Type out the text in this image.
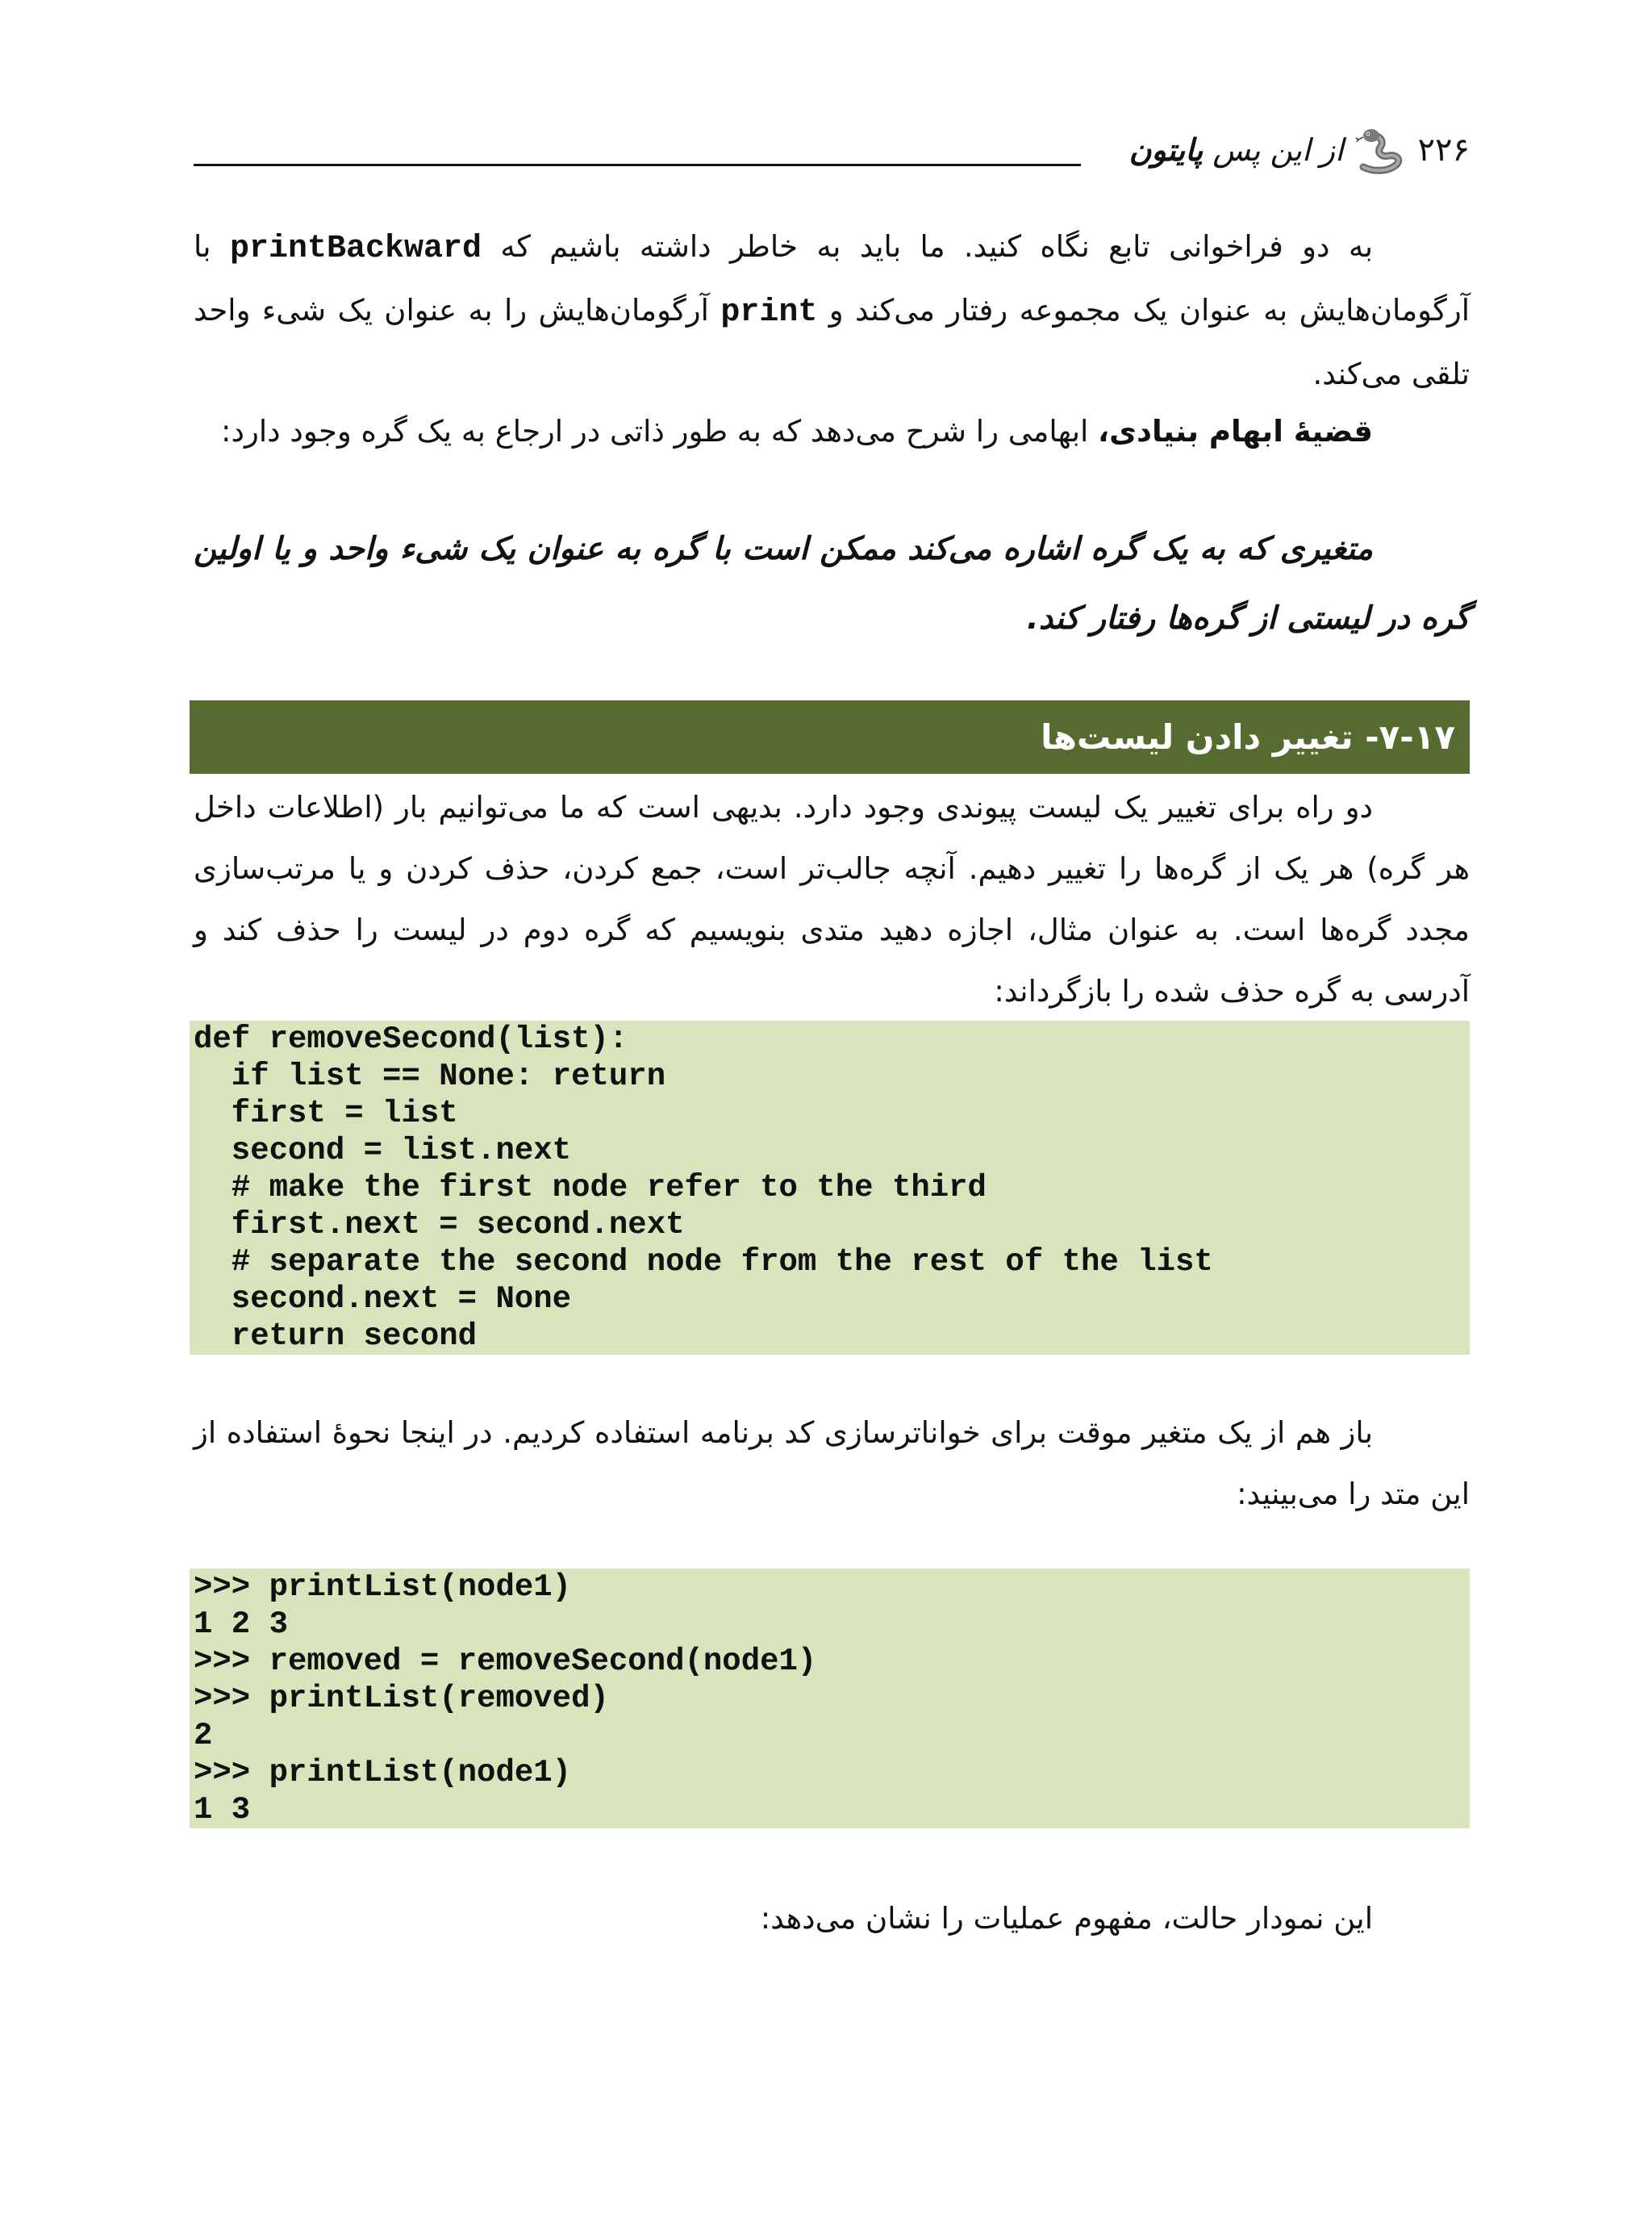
۲۲۶
از این پس پایتون
به دو فراخوانی تابع نگاه کنید. ما باید به خاطر داشته باشیم که printBackward با آرگومان‌هایش به عنوان یک مجموعه رفتار می‌کند و print آرگومان‌هایش را به عنوان یک شیء واحد تلقی می‌کند.
قضیهٔ ابهام بنیادی، ابهامی را شرح می‌دهد که به طور ذاتی در ارجاع به یک گره وجود دارد:
متغیری که به یک گره اشاره می‌کند ممکن است با گره به عنوان یک شیء واحد و یا اولین گره در لیستی از گره‌ها رفتار کند.
۷-۱۷- تغییر دادن لیست‌ها
دو راه برای تغییر یک لیست پیوندی وجود دارد. بدیهی است که ما می‌توانیم بار (اطلاعات داخل هر گره) هر یک از گره‌ها را تغییر دهیم. آنچه جالب‌تر است، جمع کردن، حذف کردن و یا مرتب‌سازی مجدد گره‌ها است. به عنوان مثال، اجازه دهید متدی بنویسیم که گره دوم در لیست را حذف کند و آدرسی به گره حذف شده را بازگرداند:
def removeSecond(list):
if list == None: return
first = list
second = list.next
# make the first node refer to the third
first.next = second.next
# separate the second node from the rest of the list
second.next = None
return second
باز هم از یک متغیر موقت برای خواناترسازی کد برنامه استفاده کردیم. در اینجا نحوهٔ استفاده از این متد را می‌بینید:
>>> printList(node1)
1 2 3
>>> removed = removeSecond(node1)
>>> printList(removed)
2
>>> printList(node1)
1 3
این نمودار حالت، مفهوم عملیات را نشان می‌دهد:
